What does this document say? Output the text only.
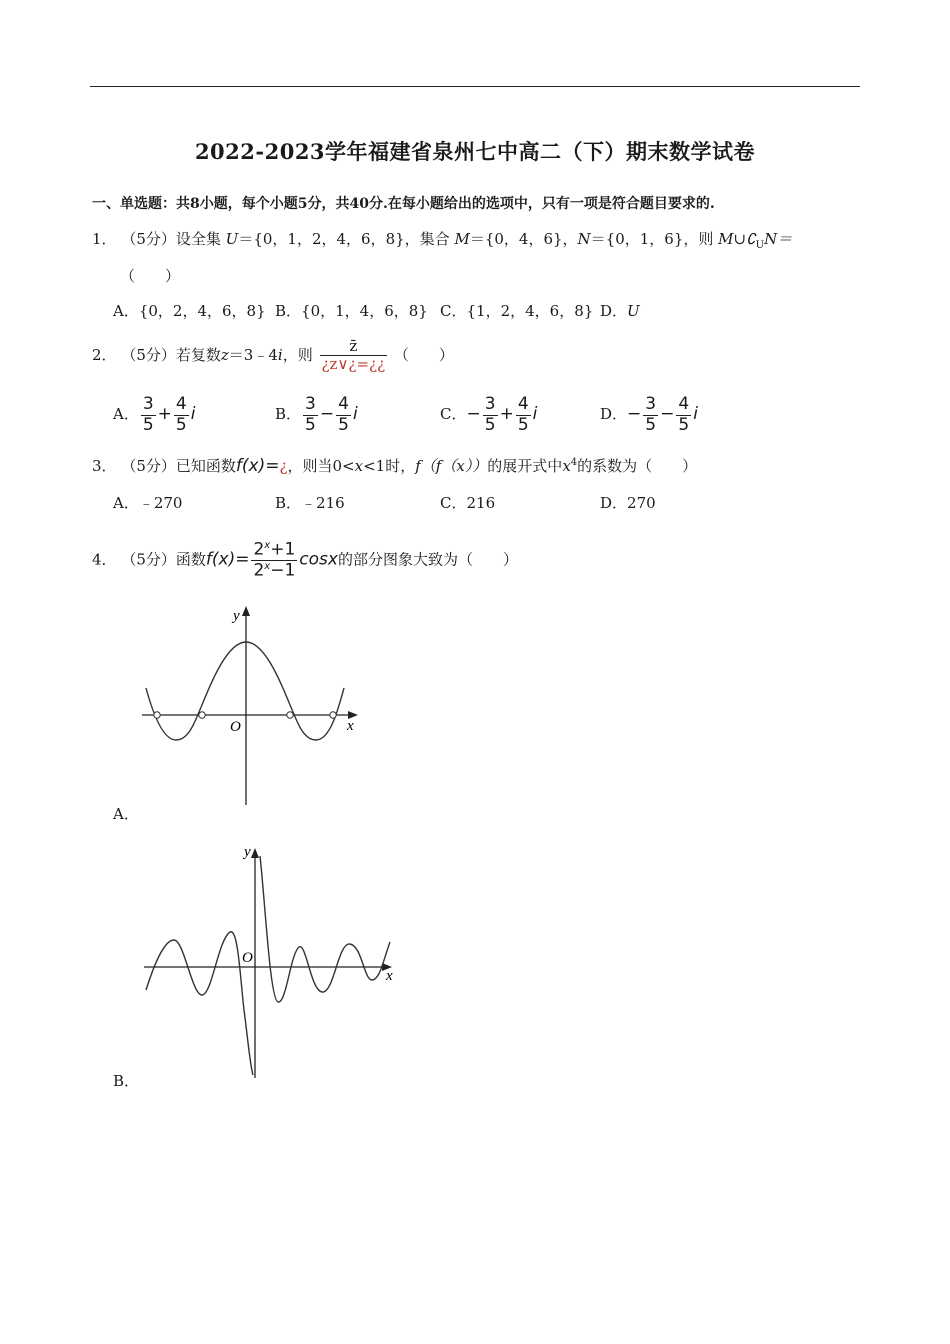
2022-2023学年福建省泉州七中高二（下）期末数学试卷
一、单选题：共8小题，每个小题5分，共40分.在每小题给出的选项中，只有一项是符合题目要求的.
1． （5分）设全集 U＝{0，1，2，4，6，8}，集合 M＝{0，4，6}，N＝{0，1，6}，则 $M\cup∁_UN=$
（　　）
A．{0，2，4，6，8} B．{0，1，4，6，8} C．{1，2，4，6，8} D．U
2． （5分）若复数z＝3﹣4i，则 $\frac{z̄}{¿z\vee¿=¿¿}$ （　　）
A． $\frac{3}{5} + \frac{4}{5}$ i	B． $\frac{3}{5} - \frac{4}{5}$ i	C．− $\frac{3}{5} + \frac{4}{5}$ i	D．− $\frac{3}{5} - \frac{4}{5}$ i
3． （5分）已知函数f(x)=¿，则当0<x<1时，f（f（x））的展开式中$x^4$的系数为（　　）
A．﹣270	B．﹣216	C．216	D．270
4． （5分）函数$f(x)= \frac{2^x+1}{2^x-1}$ cosx的部分图象大致为（　　）
y
x
O
A．
y
x
O
B．
